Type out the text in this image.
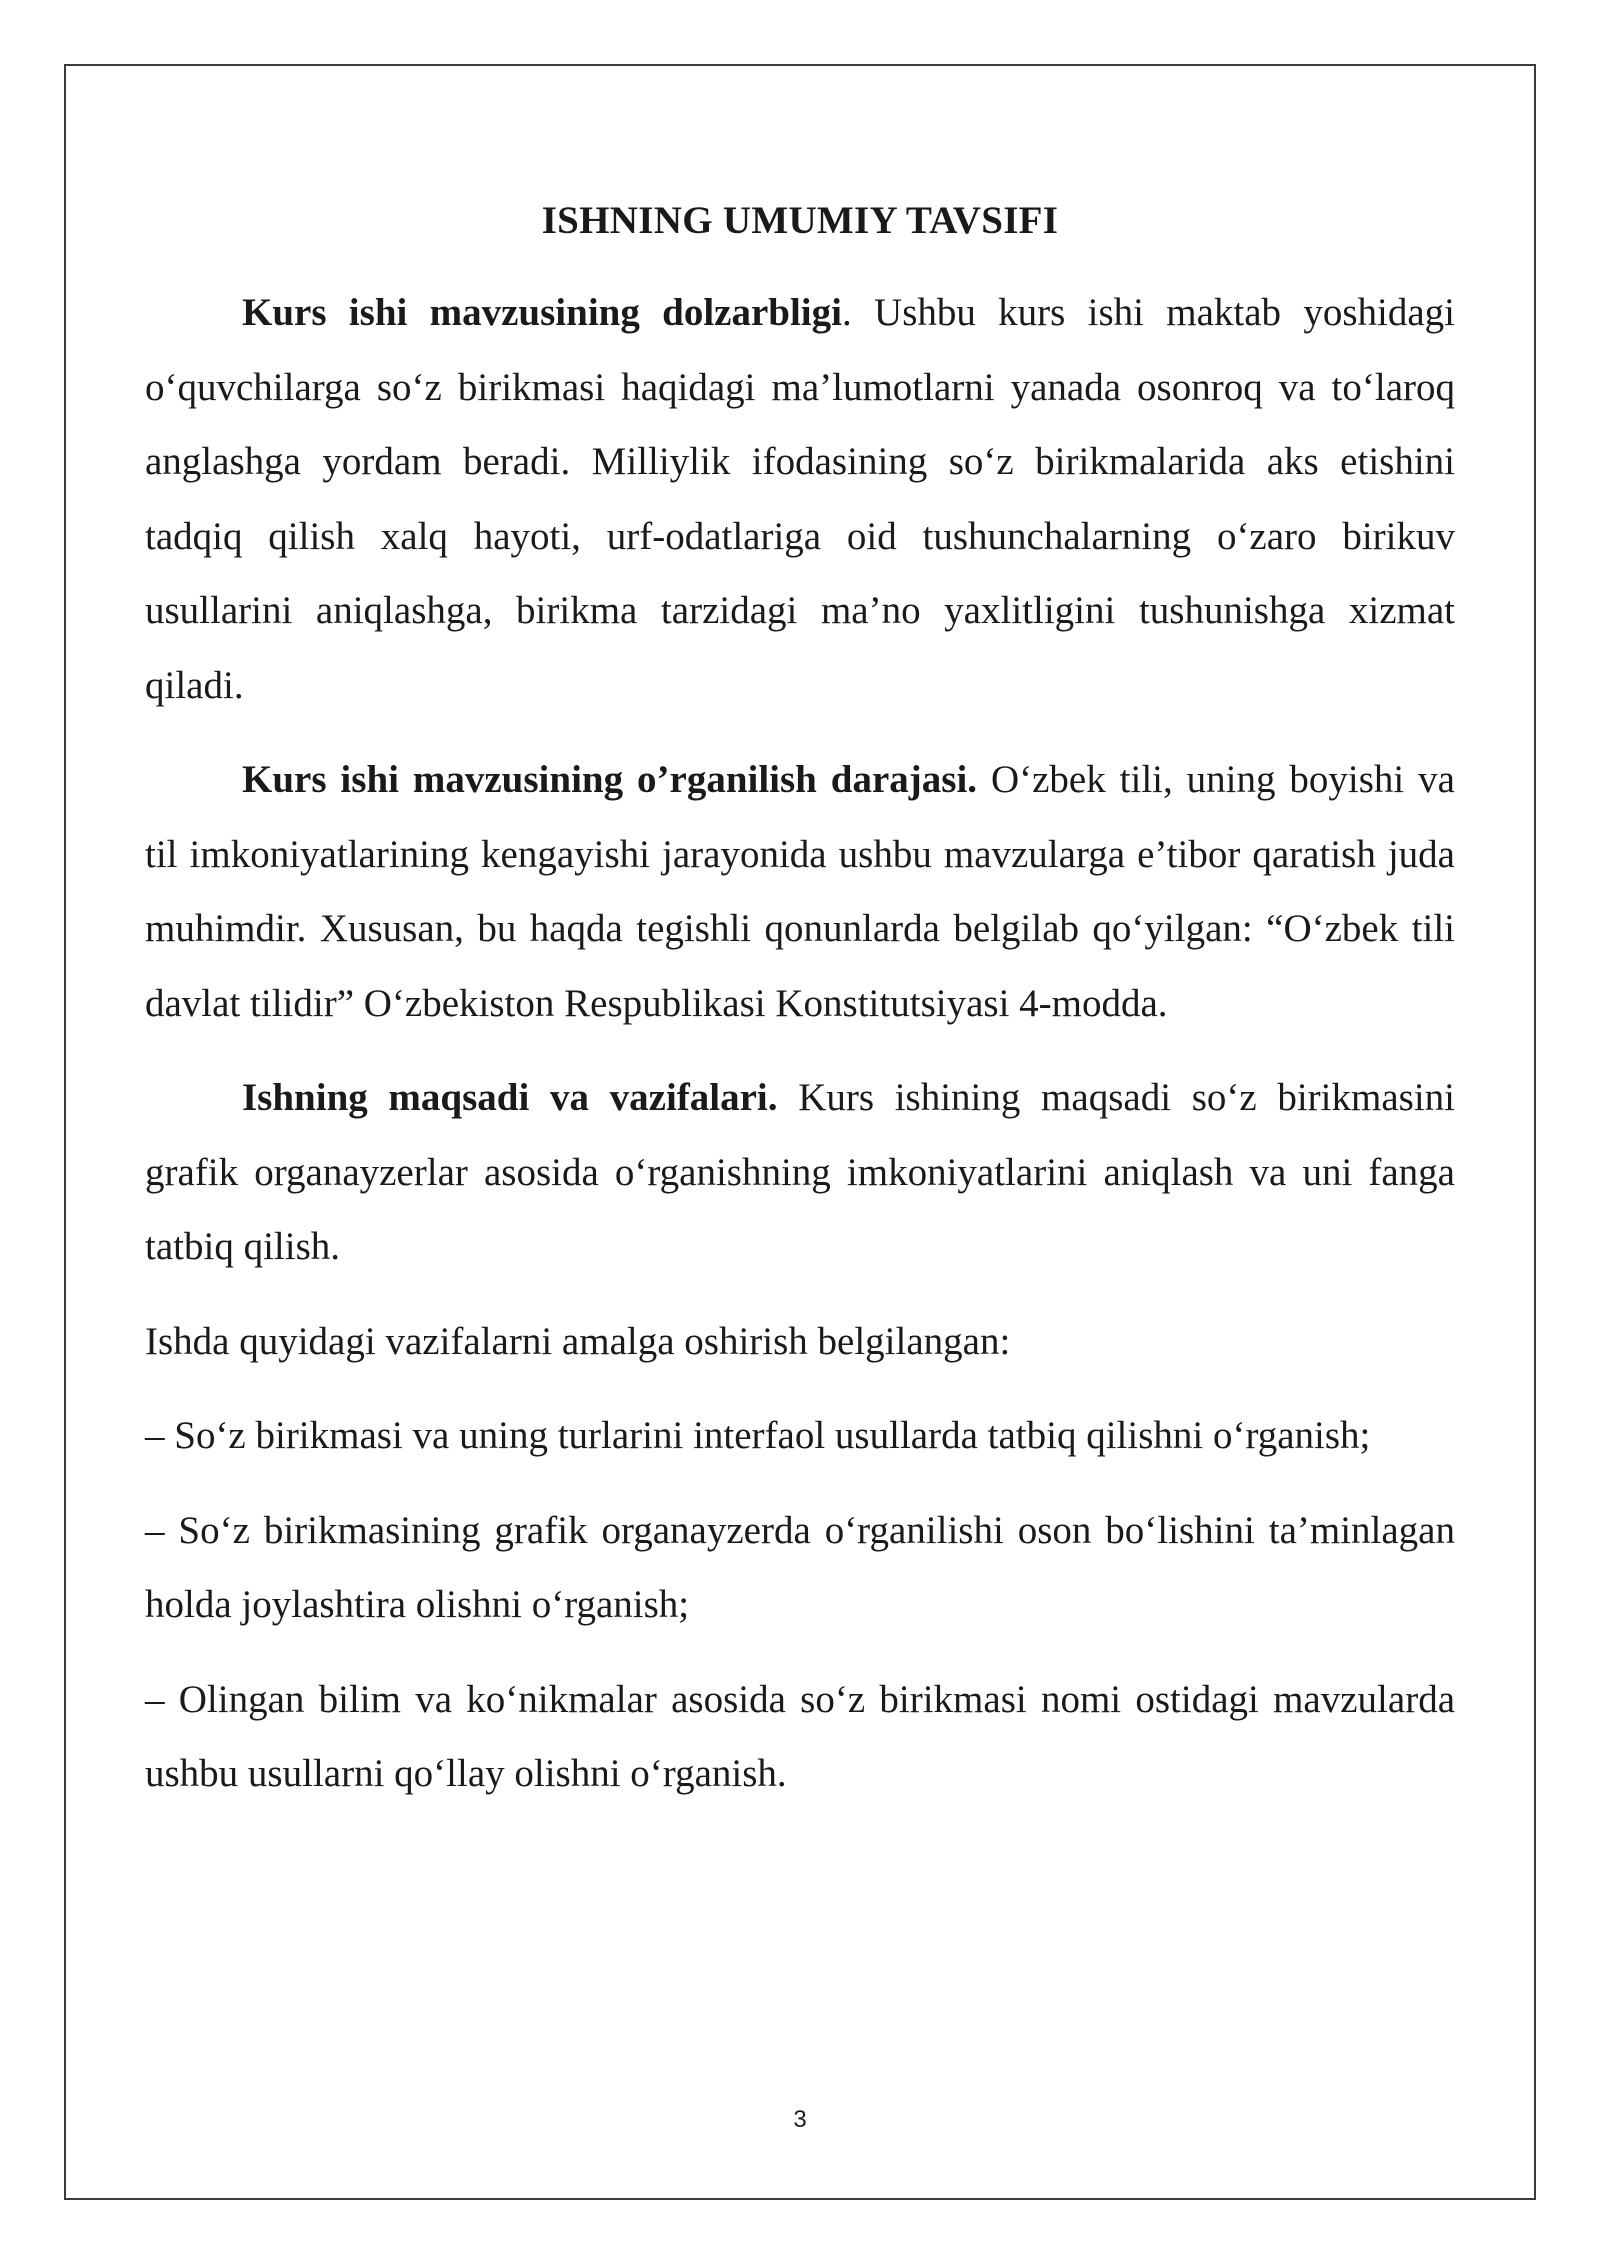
ISHNING UMUMIY TAVSIFI

Kurs ishi mavzusining dolzarbligi. Ushbu kurs ishi maktab yoshidagi o‘quvchilarga so‘z birikmasi haqidagi ma’lumotlarni yanada osonroq va to‘laroq anglashga yordam beradi. Milliylik ifodasining so‘z birikmalarida aks etishini tadqiq qilish xalq hayoti, urf-odatlariga oid tushunchalarning o‘zaro birikuv usullarini aniqlashga, birikma tarzidagi ma’no yaxlitligini tushunishga xizmat qiladi.

Kurs ishi mavzusining o’rganilish darajasi. O‘zbek tili, uning boyishi va til imkoniyatlarining kengayishi jarayonida ushbu mavzularga e’tibor qaratish juda muhimdir. Xususan, bu haqda tegishli qonunlarda belgilab qo‘yilgan: “O‘zbek tili davlat tilidir” O‘zbekiston Respublikasi Konstitutsiyasi 4-modda.

Ishning maqsadi va vazifalari. Kurs ishining maqsadi so‘z birikmasini grafik organayzerlar asosida o‘rganishning imkoniyatlarini aniqlash va uni fanga tatbiq qilish.

Ishda quyidagi vazifalarni amalga oshirish belgilangan:

– So‘z birikmasi va uning turlarini interfaol usullarda tatbiq qilishni o‘rganish;

– So‘z birikmasining grafik organayzerda o‘rganilishi oson bo‘lishini ta’minlagan holda joylashtira olishni o‘rganish;

– Olingan bilim va ko‘nikmalar asosida so‘z birikmasi nomi ostidagi mavzularda ushbu usullarni qo‘llay olishni o‘rganish.

3
